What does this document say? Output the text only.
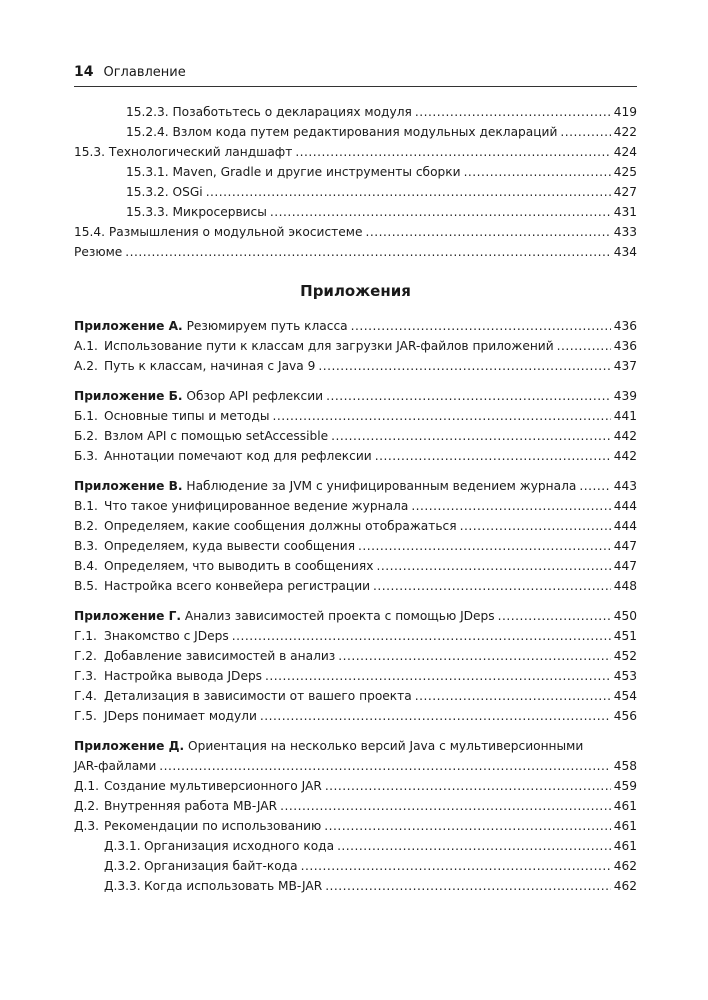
14 Оглавление
15.2.3. Позаботьтесь о декларациях модуля .....	419
15.2.4. Взлом кода путем редактирования модульных деклараций .....	422
15.3. Технологический ландшафт .....	424
15.3.1. Maven, Gradle и другие инструменты сборки .....	425
15.3.2. OSGi .....	427
15.3.3. Микросервисы .....	431
15.4. Размышления о модульной экосистеме .....	433
Резюме .....	434
Приложения
Приложение А. Резюмируем путь класса .....	436
А.1. Использование пути к классам для загрузки JAR-файлов приложений .....	436
А.2. Путь к классам, начиная с Java 9 .....	437
Приложение Б. Обзор API рефлексии .....	439
Б.1. Основные типы и методы .....	441
Б.2. Взлом API с помощью setAccessible .....	442
Б.3. Аннотации помечают код для рефлексии .....	442
Приложение В. Наблюдение за JVM с унифицированным ведением журнала .....	443
В.1. Что такое унифицированное ведение журнала .....	444
В.2. Определяем, какие сообщения должны отображаться .....	444
В.3. Определяем, куда вывести сообщения .....	447
В.4. Определяем, что выводить в сообщениях .....	447
В.5. Настройка всего конвейера регистрации .....	448
Приложение Г. Анализ зависимостей проекта с помощью JDeps .....	450
Г.1. Знакомство с JDeps .....	451
Г.2. Добавление зависимостей в анализ .....	452
Г.3. Настройка вывода JDeps .....	453
Г.4. Детализация в зависимости от вашего проекта .....	454
Г.5. JDeps понимает модули .....	456
Приложение Д. Ориентация на несколько версий Java с мультиверсионными
JAR-файлами .....	458
Д.1. Создание мультиверсионного JAR .....	459
Д.2. Внутренняя работа MB-JAR .....	461
Д.3. Рекомендации по использованию .....	461
Д.3.1. Организация исходного кода .....	461
Д.3.2. Организация байт-кода .....	462
Д.3.3. Когда использовать MB-JAR .....	462
